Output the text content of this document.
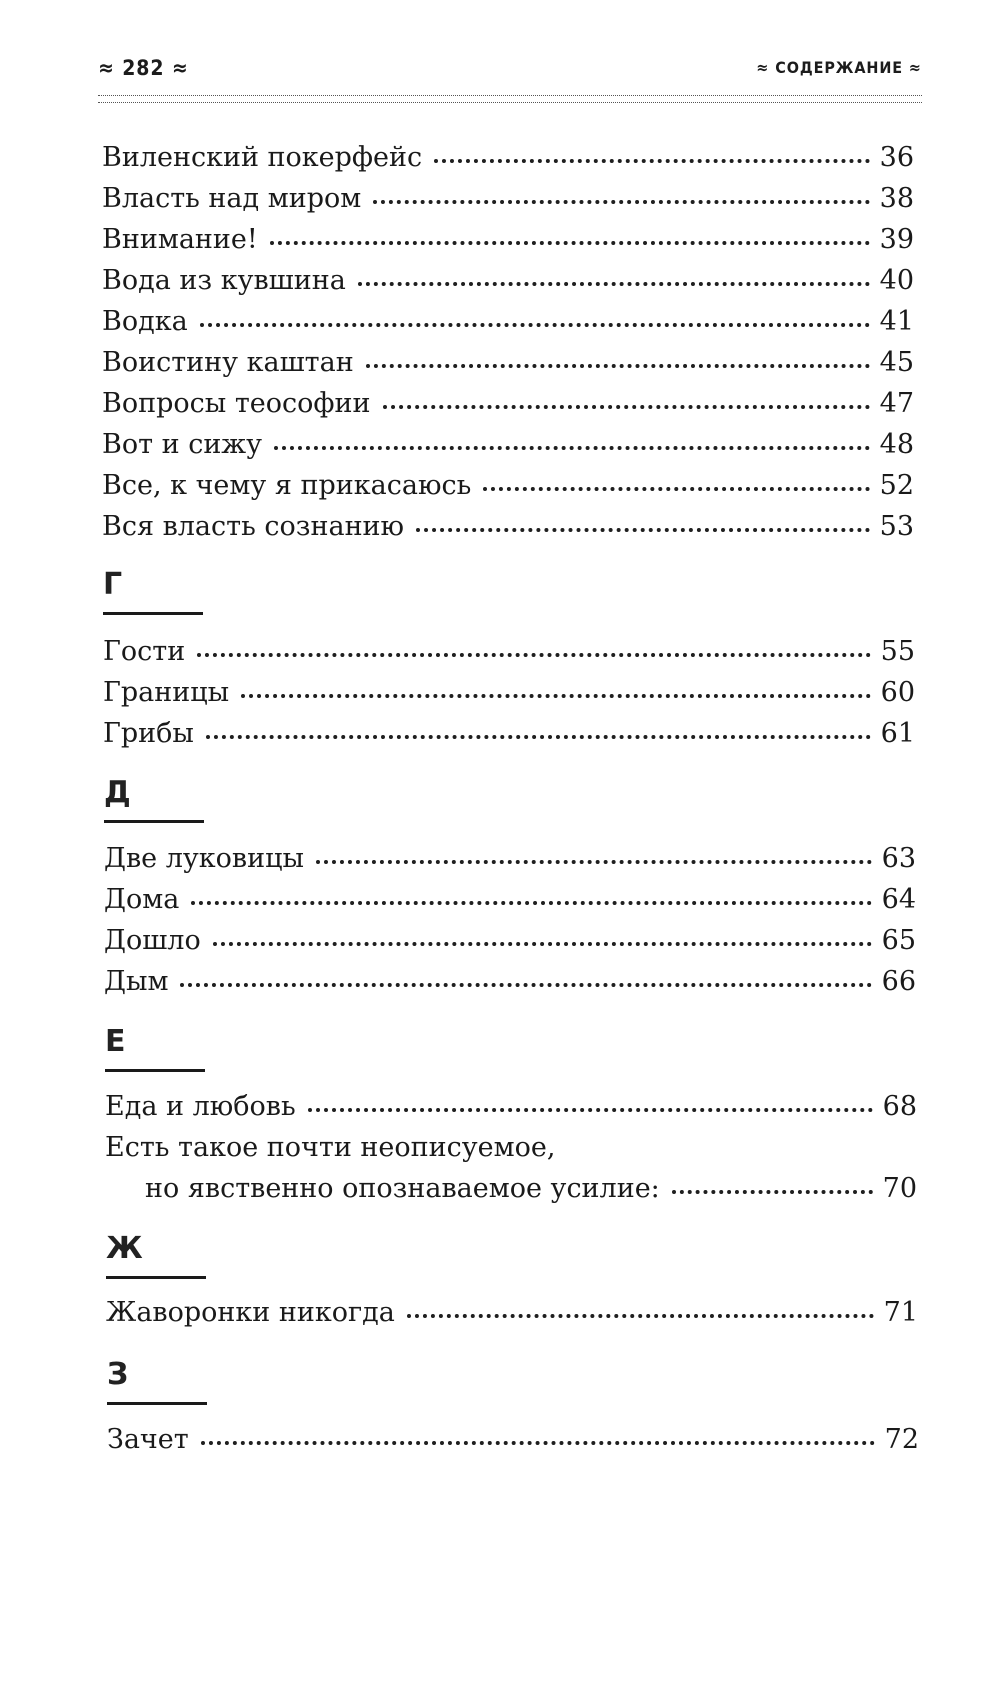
≈ 282 ≈	≈ СОДЕРЖАНИЕ ≈
Виленский покерфейс	36
Власть над миром	38
Внимание!	39
Вода из кувшина	40
Водка	41
Воистину каштан	45
Вопросы теософии	47
Вот и сижу	48
Все, к чему я прикасаюсь	52
Вся власть сознанию	53
Г
Гости	55
Границы	60
Грибы	61
Д
Две луковицы	63
Дома	64
Дошло	65
Дым	66
Е
Еда и любовь	68
Есть такое почти неописуемое,
но явственно опознаваемое усилие:	70
Ж
Жаворонки никогда	71
З
Зачет	72
